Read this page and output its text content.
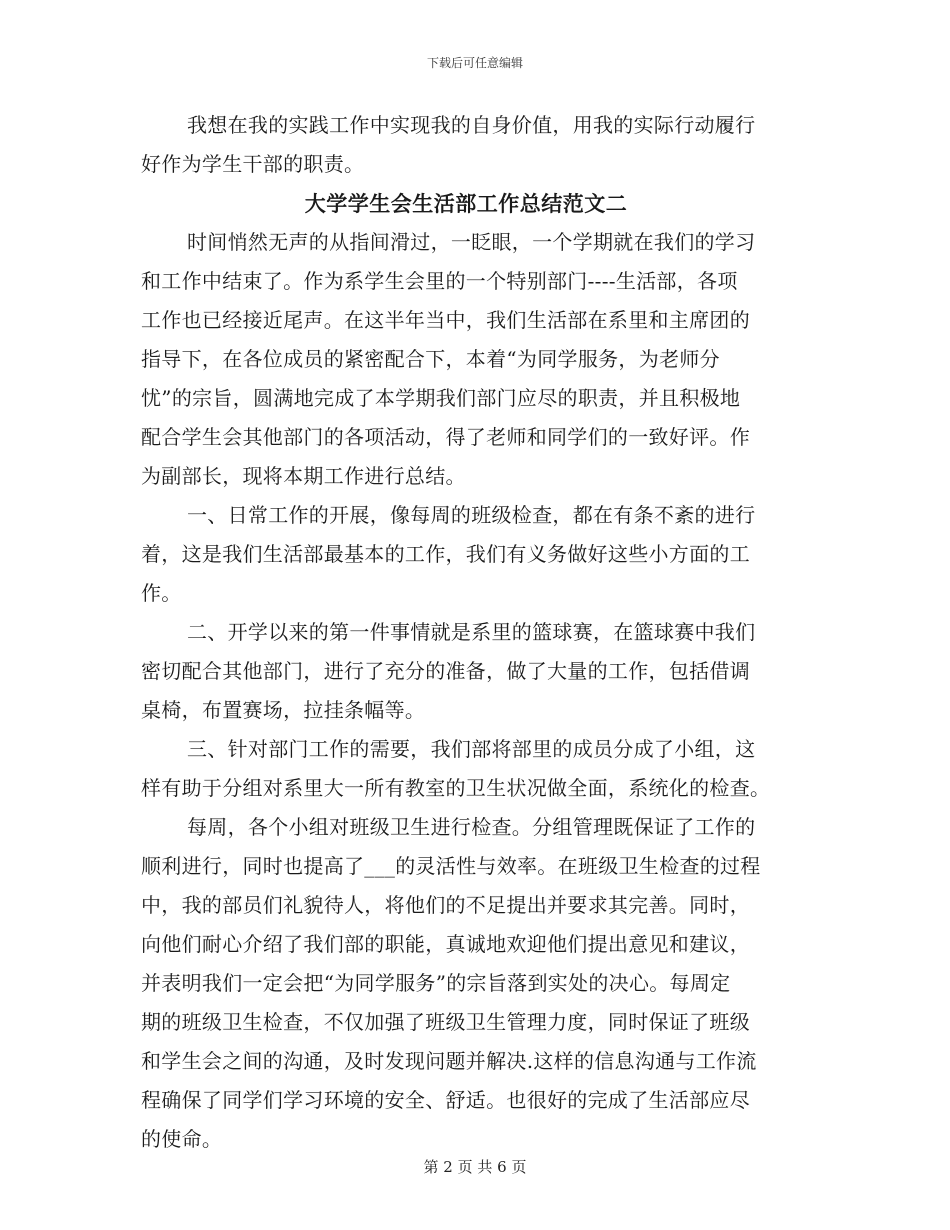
下载后可任意编辑
我想在我的实践工作中实现我的自身价值，用我的实际行动履行
好作为学生干部的职责。
大学学生会生活部工作总结范文二
时间悄然无声的从指间滑过，一眨眼，一个学期就在我们的学习
和工作中结束了。作为系学生会里的一个特别部门----生活部，各项
工作也已经接近尾声。在这半年当中，我们生活部在系里和主席团的
指导下，在各位成员的紧密配合下，本着“为同学服务，为老师分
忧”的宗旨，圆满地完成了本学期我们部门应尽的职责，并且积极地
配合学生会其他部门的各项活动，得了老师和同学们的一致好评。作
为副部长，现将本期工作进行总结。
一、日常工作的开展，像每周的班级检查，都在有条不紊的进行
着，这是我们生活部最基本的工作，我们有义务做好这些小方面的工
作。
二、开学以来的第一件事情就是系里的篮球赛，在篮球赛中我们
密切配合其他部门，进行了充分的准备，做了大量的工作，包括借调
桌椅，布置赛场，拉挂条幅等。
三、针对部门工作的需要，我们部将部里的成员分成了小组，这
样有助于分组对系里大一所有教室的卫生状况做全面，系统化的检查。
每周，各个小组对班级卫生进行检查。分组管理既保证了工作的
顺利进行，同时也提高了___的灵活性与效率。在班级卫生检查的过程
中，我的部员们礼貌待人，将他们的不足提出并要求其完善。同时，
向他们耐心介绍了我们部的职能，真诚地欢迎他们提出意见和建议，
并表明我们一定会把“为同学服务”的宗旨落到实处的决心。每周定
期的班级卫生检查，不仅加强了班级卫生管理力度，同时保证了班级
和学生会之间的沟通，及时发现问题并解决.这样的信息沟通与工作流
程确保了同学们学习环境的安全、舒适。也很好的完成了生活部应尽
的使命。
第 2 页 共 6 页
